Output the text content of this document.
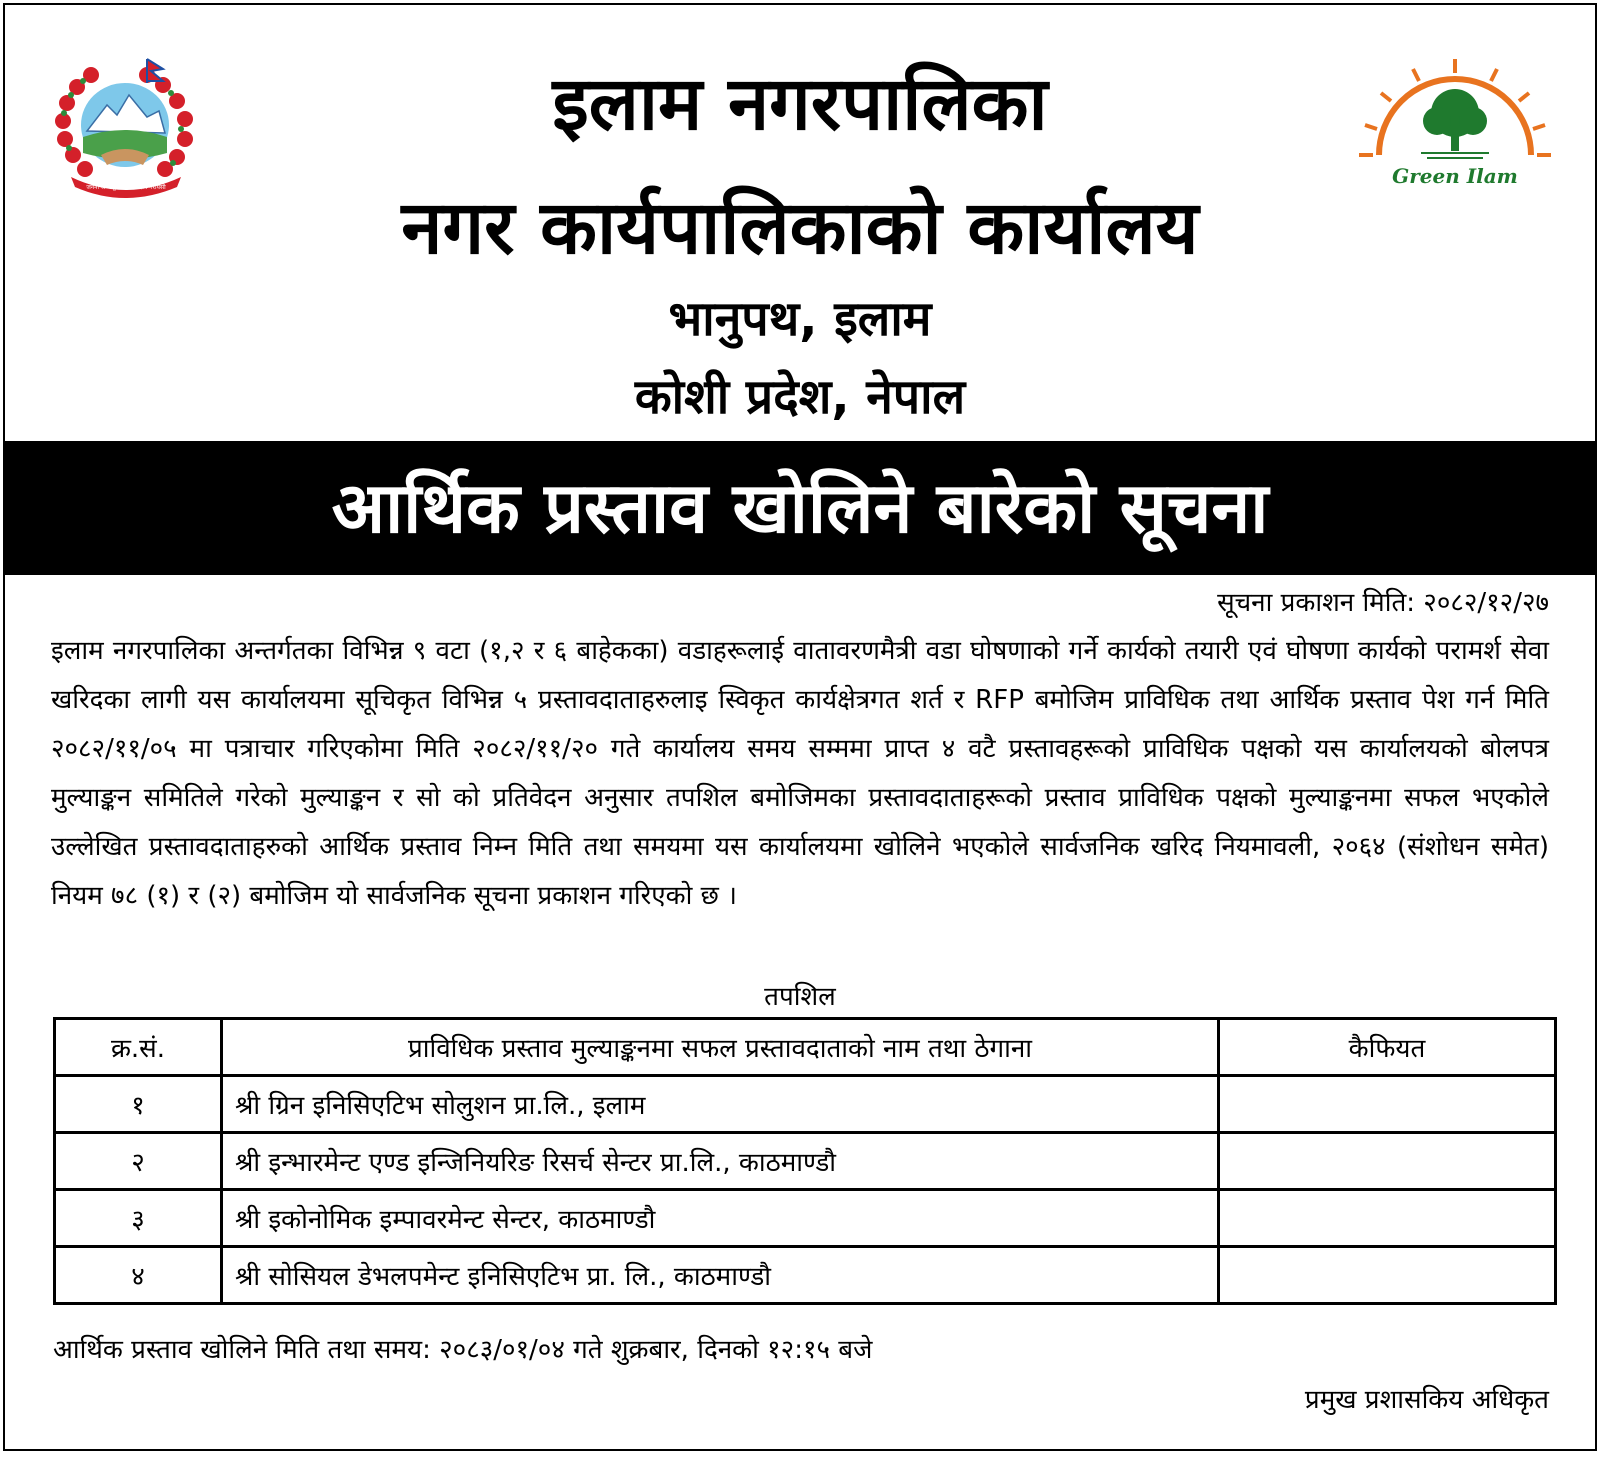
जननी जन्मभूमिश्च स्वर्गादपि गरीयसी
इलाम नगरपालिका
नगर कार्यपालिकाको कार्यालय
भानुपथ, इलाम
कोशी प्रदेश, नेपाल
Green Ilam
आर्थिक प्रस्ताव खोलिने बारेको सूचना
सूचना प्रकाशन मिति: २०८२/१२/२७
इलाम नगरपालिका अन्तर्गतका विभिन्न ९ वटा (१,२ र ६ बाहेकका) वडाहरूलाई वातावरणमैत्री वडा घोषणाको गर्ने कार्यको तयारी एवं घोषणा कार्यको परामर्श सेवा खरिदका लागी यस कार्यालयमा सूचिकृत विभिन्न ५ प्रस्तावदाताहरुलाइ स्विकृत कार्यक्षेत्रगत शर्त र RFP बमोजिम प्राविधिक तथा आर्थिक प्रस्ताव पेश गर्न मिति २०८२/११/०५ मा पत्राचार गरिएकोमा मिति २०८२/११/२० गते कार्यालय समय सम्ममा प्राप्त ४ वटै प्रस्तावहरूको प्राविधिक पक्षको यस कार्यालयको बोलपत्र मुल्याङ्कन समितिले गरेको मुल्याङ्कन र सो को प्रतिवेदन अनुसार तपशिल बमोजिमका प्रस्तावदाताहरूको प्रस्ताव प्राविधिक पक्षको मुल्याङ्कनमा सफल भएकोले उल्लेखित प्रस्तावदाताहरुको आर्थिक प्रस्ताव निम्न मिति तथा समयमा यस कार्यालयमा खोलिने भएकोले सार्वजनिक खरिद नियमावली, २०६४ (संशोधन समेत) नियम ७८ (१) र (२) बमोजिम यो सार्वजनिक सूचना प्रकाशन गरिएको छ ।
तपशिल
क्र.सं.	प्राविधिक प्रस्ताव मुल्याङ्कनमा सफल प्रस्तावदाताको नाम तथा ठेगाना	कैफियत
१	श्री ग्रिन इनिसिएटिभ सोलुशन प्रा.लि., इलाम	
२	श्री इन्भारमेन्ट एण्ड इन्जिनियरिङ रिसर्च सेन्टर प्रा.लि., काठमाण्डौ	
३	श्री इकोनोमिक इम्पावरमेन्ट सेन्टर, काठमाण्डौ	
४	श्री सोसियल डेभलपमेन्ट इनिसिएटिभ प्रा. लि., काठमाण्डौ	
आर्थिक प्रस्ताव खोलिने मिति तथा समय: २०८३/०१/०४ गते शुक्रबार, दिनको १२:१५ बजे
प्रमुख प्रशासकिय अधिकृत
